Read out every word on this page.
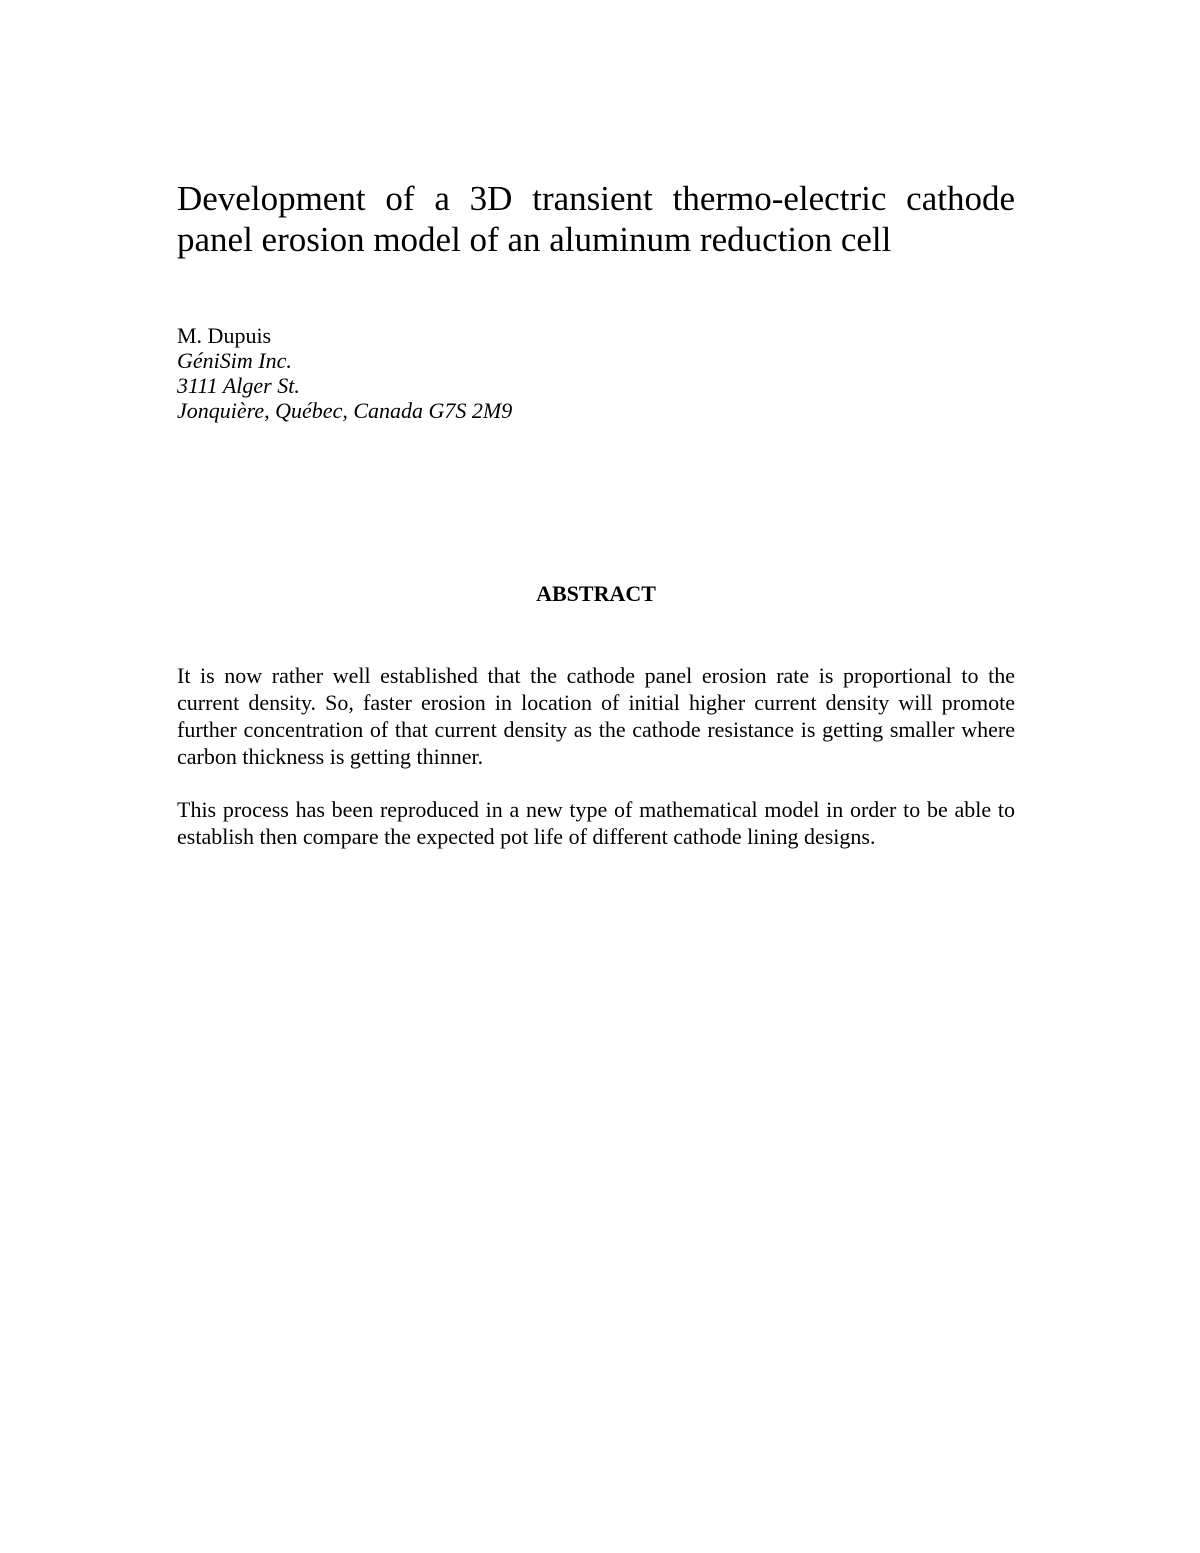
Development of a 3D transient thermo-electric cathode panel erosion model of an aluminum reduction cell
M. Dupuis
GéniSim Inc.
3111 Alger St.
Jonquière, Québec, Canada G7S 2M9
ABSTRACT

It is now rather well established that the cathode panel erosion rate is proportional to the current density. So, faster erosion in location of initial higher current density will promote further concentration of that current density as the cathode resistance is getting smaller where carbon thickness is getting thinner.

This process has been reproduced in a new type of mathematical model in order to be able to establish then compare the expected pot life of different cathode lining designs.
